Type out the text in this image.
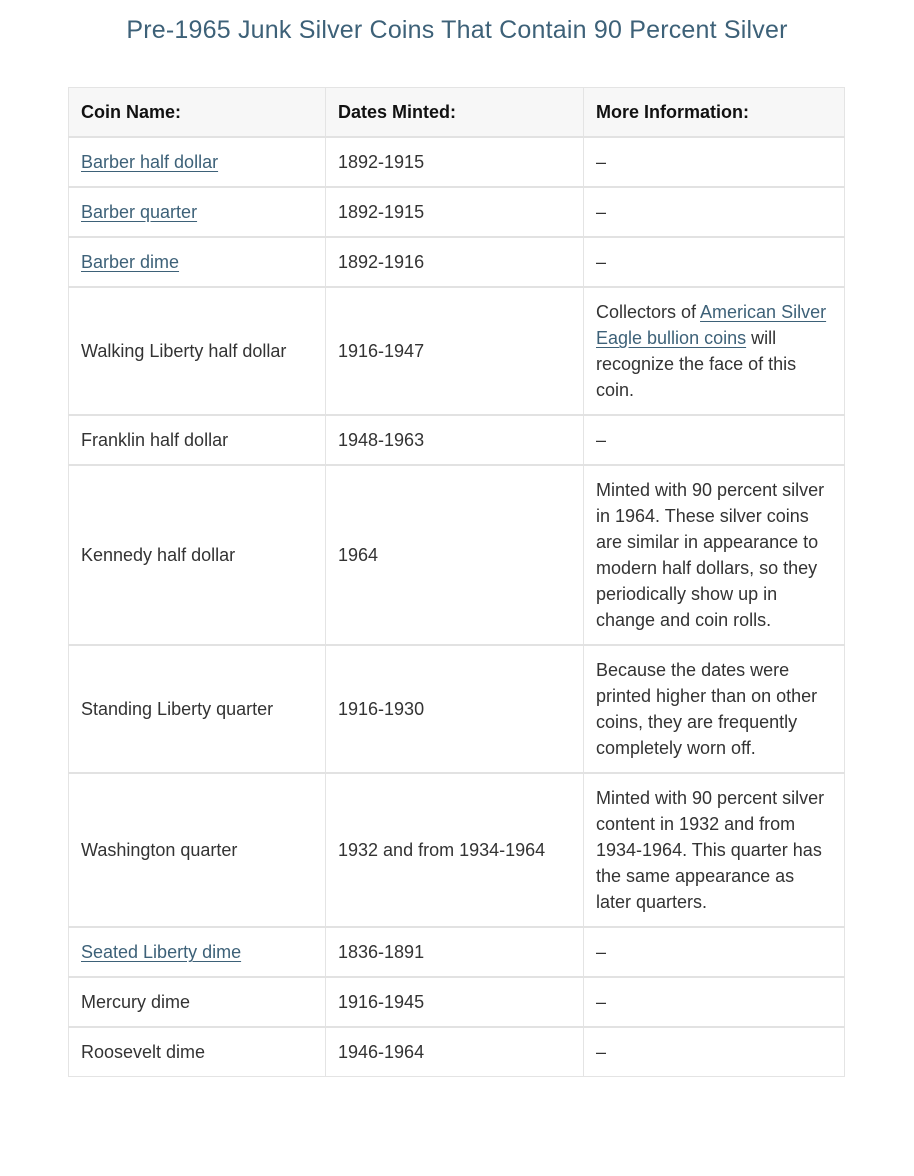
Pre-1965 Junk Silver Coins That Contain 90 Percent Silver
Coin Name:	Dates Minted:	More Information:
Barber half dollar	1892-1915	–
Barber quarter	1892-1915	–
Barber dime	1892-1916	–
Walking Liberty half dollar	1916-1947	Collectors of American Silver Eagle bullion coins will recognize the face of this coin.
Franklin half dollar	1948-1963	–
Kennedy half dollar	1964	Minted with 90 percent silver in 1964. These silver coins are similar in appearance to modern half dollars, so they periodically show up in change and coin rolls.
Standing Liberty quarter	1916-1930	Because the dates were printed higher than on other coins, they are frequently completely worn off.
Washington quarter	1932 and from 1934-1964	Minted with 90 percent silver content in 1932 and from 1934-1964. This quarter has the same appearance as later quarters.
Seated Liberty dime	1836-1891	–
Mercury dime	1916-1945	–
Roosevelt dime	1946-1964	–
